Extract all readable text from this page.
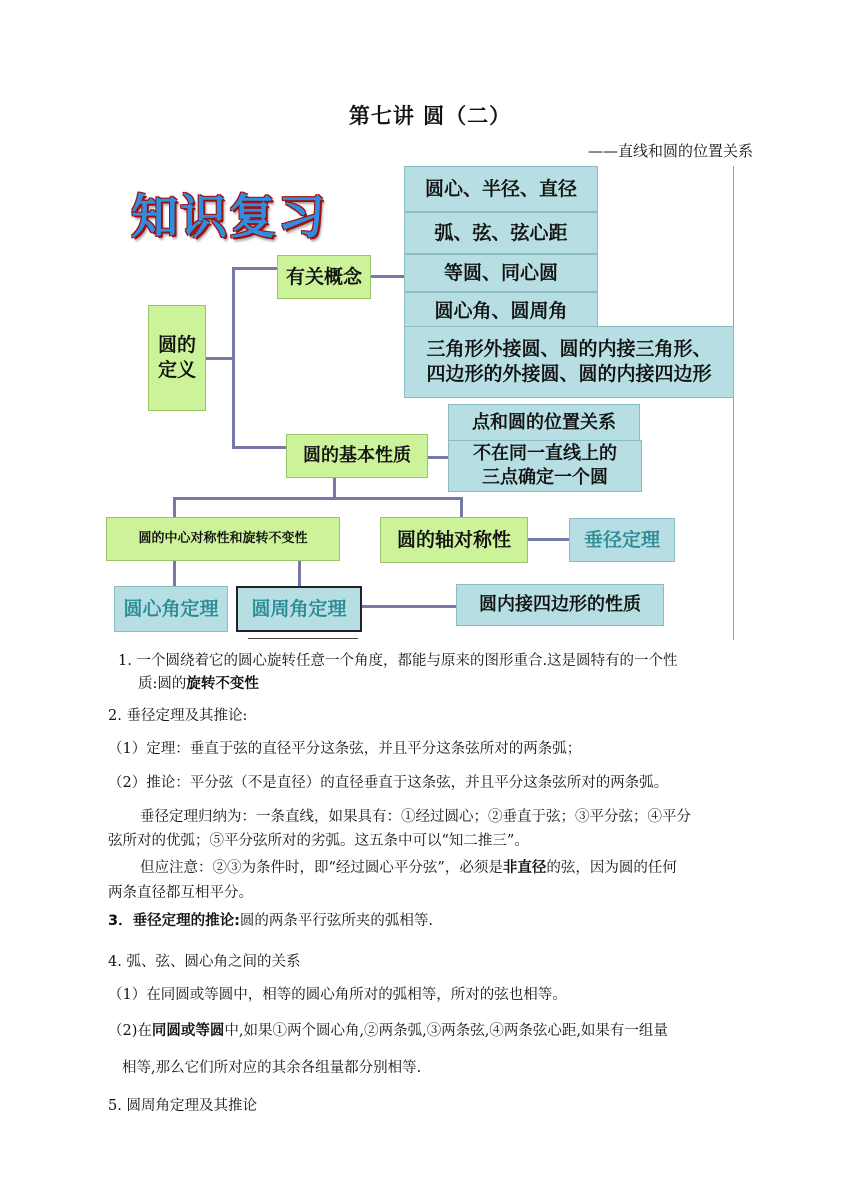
第七讲 圆（二）
——直线和圆的位置关系
知识复习
圆的
定义
有关概念
圆的基本性质
圆的中心对称性和旋转不变性	圆的轴对称性	垂径定理
圆心角定理	圆周角定理	圆内接四边形的性质
圆心、半径、直径
弧、弦、弦心距
等圆、同心圆
圆心角、圆周角
三角形外接圆、圆的内接三角形、
四边形的外接圆、圆的内接四边形
点和圆的位置关系
不在同一直线上的
三点确定一个圆
1. 一个圆绕着它的圆心旋转任意一个角度，都能与原来的图形重合.这是圆特有的一个性
质:圆的旋转不变性
2. 垂径定理及其推论:
（1）定理：垂直于弦的直径平分这条弦，并且平分这条弦所对的两条弧；
（2）推论：平分弦（不是直径）的直径垂直于这条弦，并且平分这条弦所对的两条弧。
垂径定理归纳为：一条直线，如果具有：①经过圆心；②垂直于弦；③平分弦；④平分
弦所对的优弧；⑤平分弦所对的劣弧。这五条中可以“知二推三”。
但应注意：②③为条件时，即“经过圆心平分弦”，必须是非直径的弦，因为圆的任何
两条直径都互相平分。
3．垂径定理的推论:圆的两条平行弦所夹的弧相等.
4. 弧、弦、圆心角之间的关系
（1）在同圆或等圆中，相等的圆心角所对的弧相等，所对的弦也相等。
（2)在同圆或等圆中,如果①两个圆心角,②两条弧,③两条弦,④两条弦心距,如果有一组量
相等,那么它们所对应的其余各组量都分别相等.
5. 圆周角定理及其推论
